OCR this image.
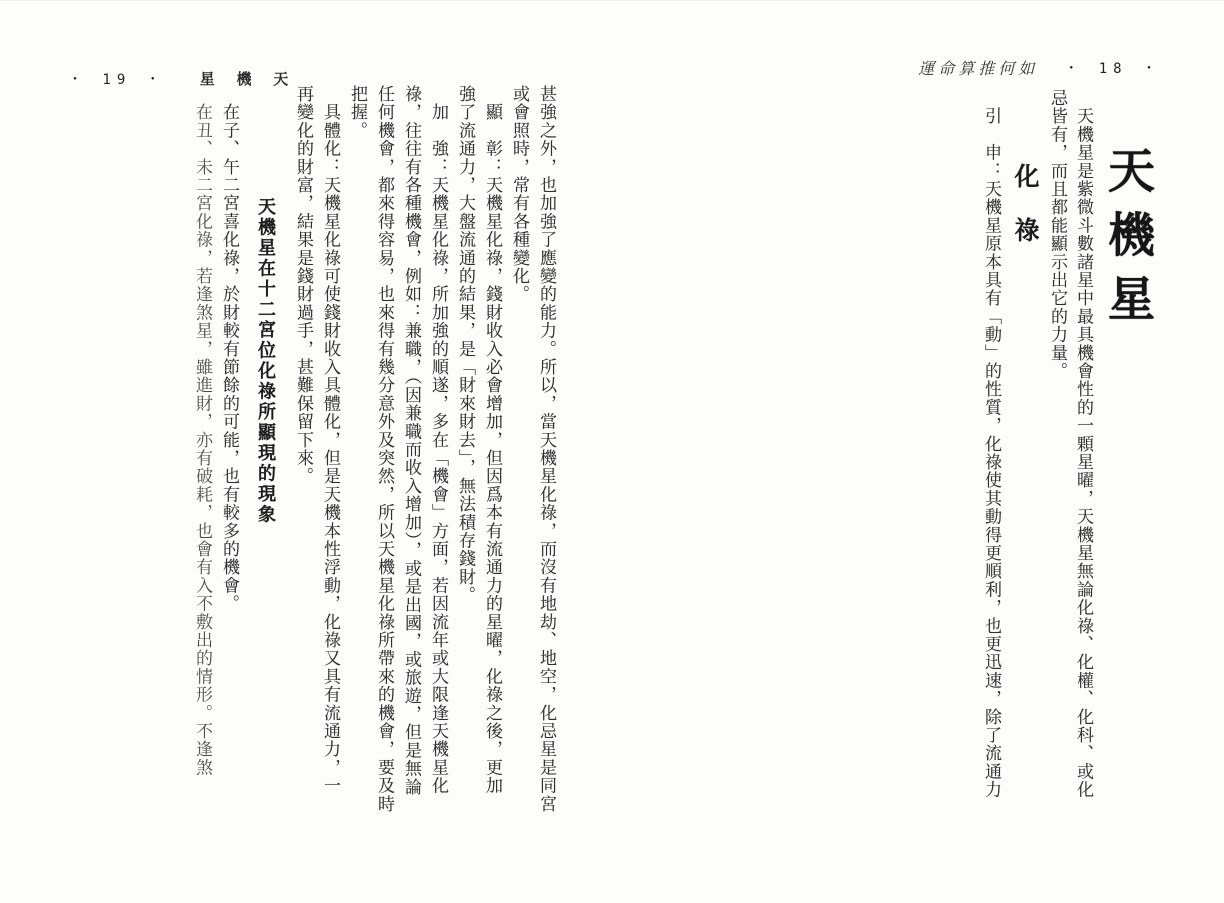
・ 19 ・ 星 機 天
甚強之外，也加強了應變的能力。所以，當天機星化祿，而沒有地劫、地空，化忌星是同宮
或會照時，常有各種變化。
　顯　彰：天機星化祿，錢財收入必會增加，但因爲本有流通力的星曜，化祿之後，更加
強了流通力，大盤流通的結果，是「財來財去」，無法積存錢財。
　加　強：天機星化祿，所加強的順遂，多在「機會」方面，若因流年或大限逢天機星化
祿，往往有各種機會，例如：兼職，（因兼職而收入增加），或是出國，或旅遊，但是無論
任何機會，都來得容易，也來得有幾分意外及突然，所以天機星化祿所帶來的機會，要及時
把握。
　具體化：天機星化祿可使錢財收入具體化，但是天機本性浮動，化祿又具有流通力，一
再變化的財富，結果是錢財過手，甚難保留下來。
天機星在十二宮位化祿所顯現的現象
　在子、午二宮喜化祿，於財較有節餘的可能，也有較多的機會。
　在丑、未二宮化祿，若逢煞星，雖進財，亦有破耗，也會有入不敷出的情形。不逢煞
運命算推何如 ・ 18 ・
天機星
　天機星是紫微斗數諸星中最具機會性的一顆星曜，天機星無論化祿、化權、化科、或化
忌皆有，而且都能顯示出它的力量。
化　祿
　引　申：天機星原本具有「動」的性質，化祿使其動得更順利，也更迅速，除了流通力
